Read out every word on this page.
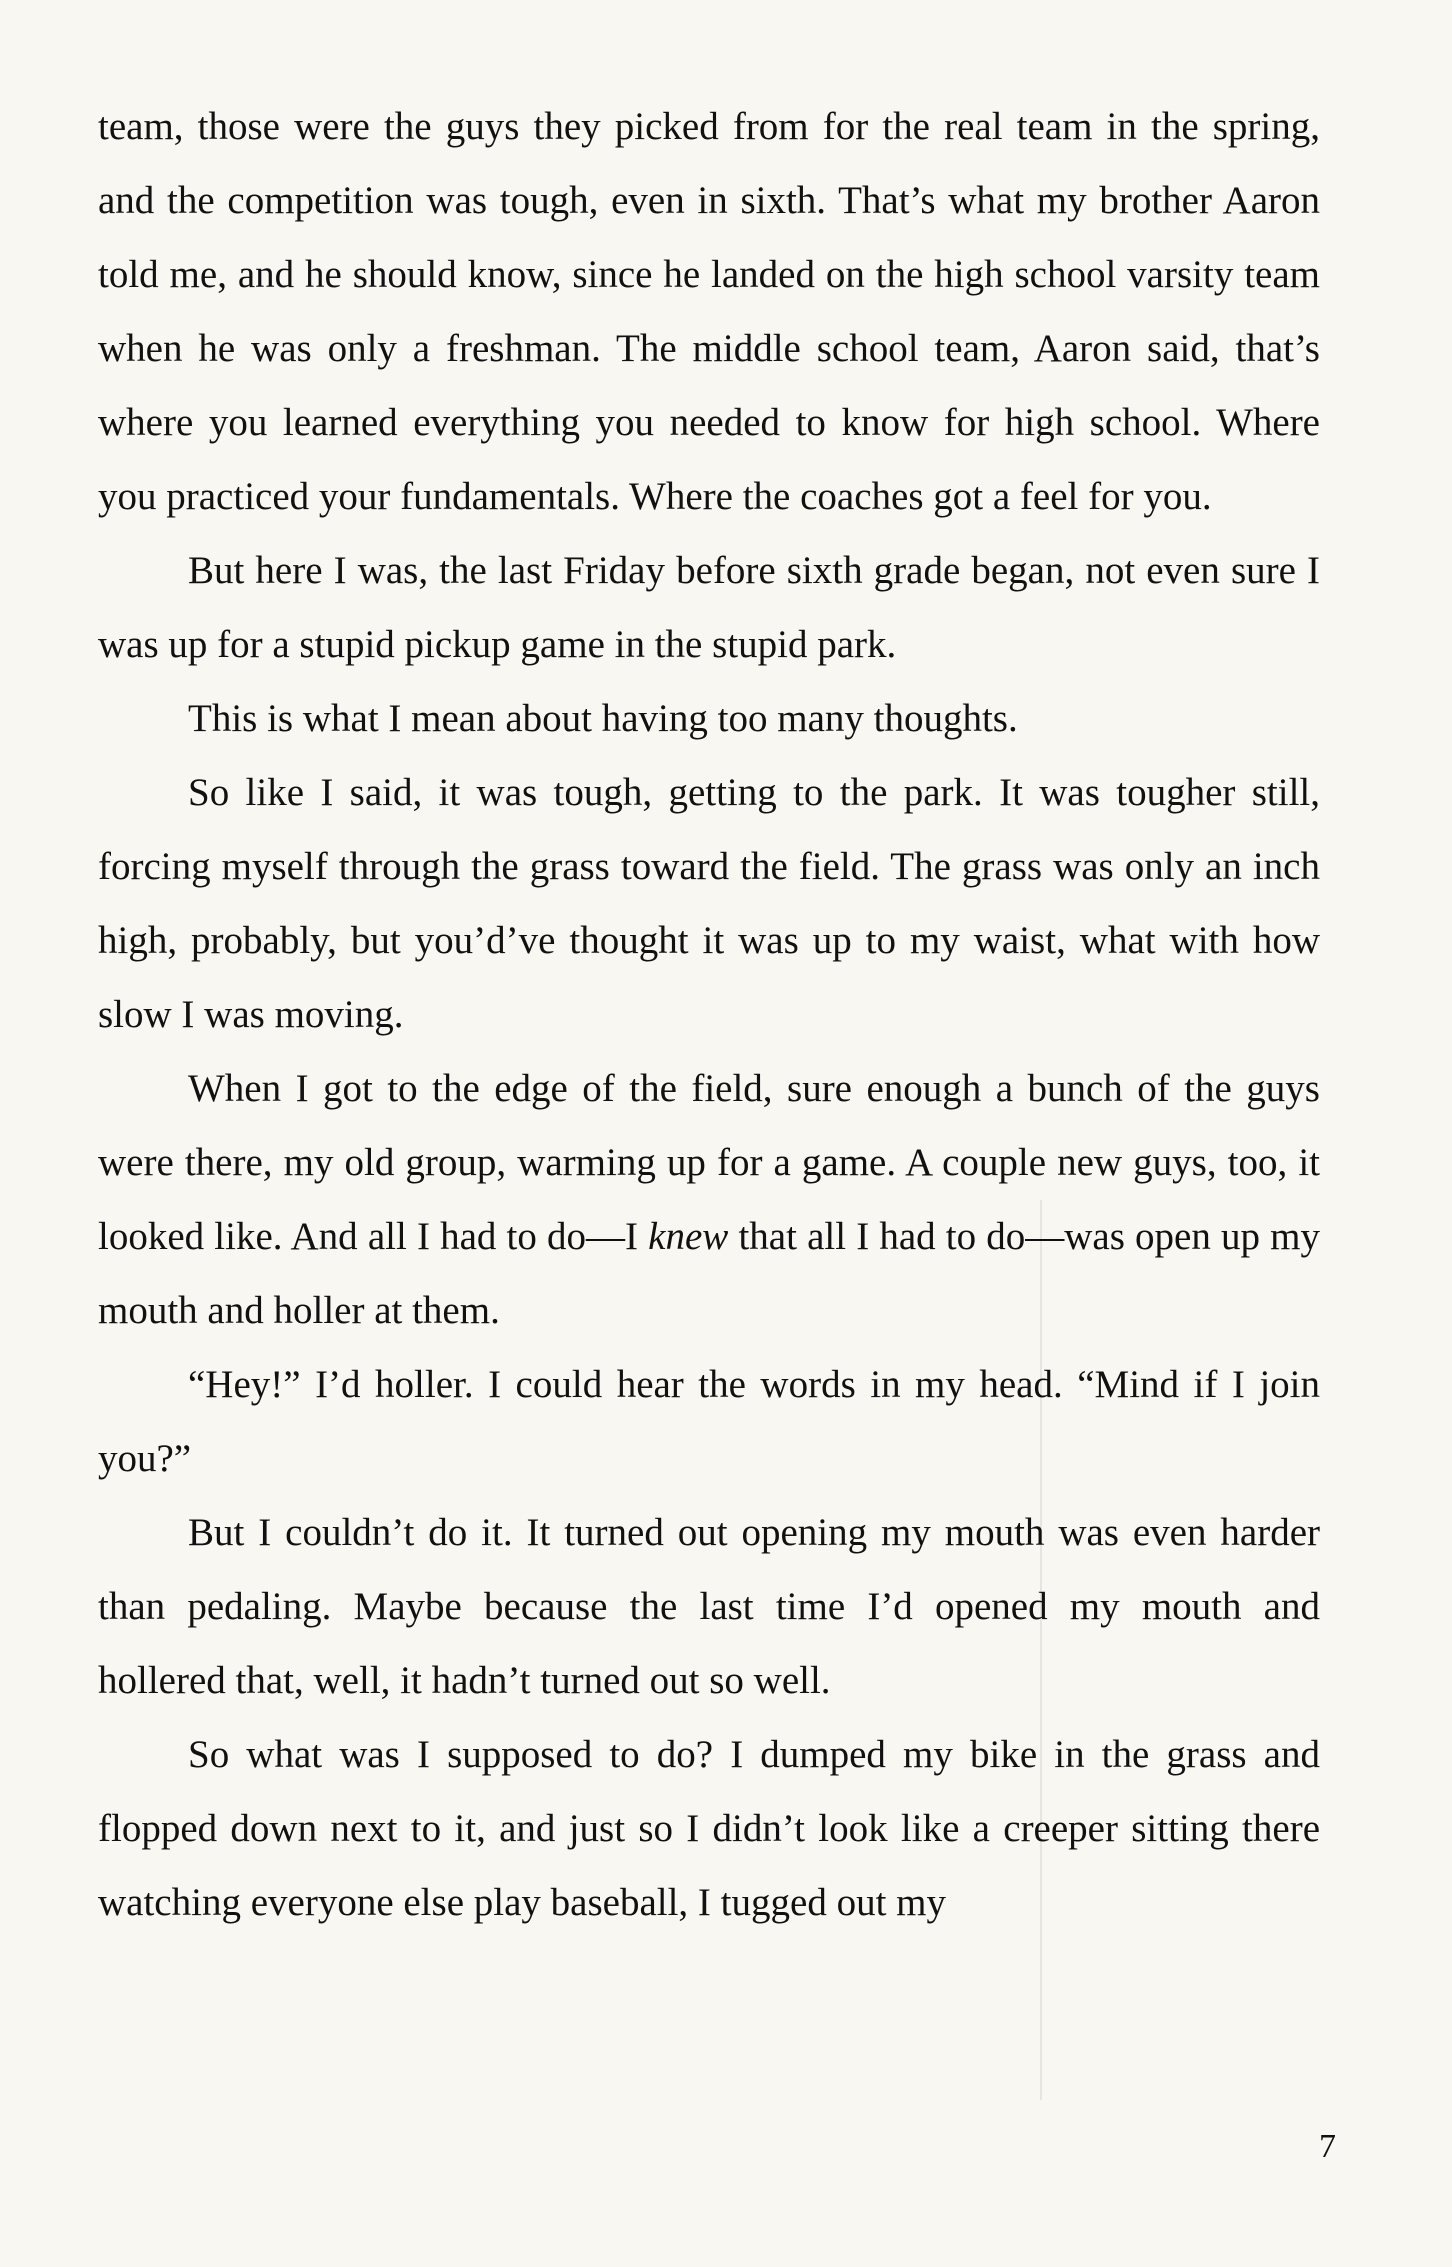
team, those were the guys they picked from for the real team in the spring, and the competition was tough, even in sixth. That’s what my brother Aaron told me, and he should know, since he landed on the high school varsity team when he was only a freshman. The middle school team, Aaron said, that’s where you learned everything you needed to know for high school. Where you practiced your fundamentals. Where the coaches got a feel for you.

But here I was, the last Friday before sixth grade began, not even sure I was up for a stupid pickup game in the stupid park.

This is what I mean about having too many thoughts.

So like I said, it was tough, getting to the park. It was tougher still, forcing myself through the grass toward the field. The grass was only an inch high, probably, but you’d’ve thought it was up to my waist, what with how slow I was moving.

When I got to the edge of the field, sure enough a bunch of the guys were there, my old group, warming up for a game. A couple new guys, too, it looked like. And all I had to do—I knew that all I had to do—was open up my mouth and holler at them.

“Hey!” I’d holler. I could hear the words in my head. “Mind if I join you?”

But I couldn’t do it. It turned out opening my mouth was even harder than pedaling. Maybe because the last time I’d opened my mouth and hollered that, well, it hadn’t turned out so well.

So what was I supposed to do? I dumped my bike in the grass and flopped down next to it, and just so I didn’t look like a creeper sitting there watching everyone else play baseball, I tugged out my

7
